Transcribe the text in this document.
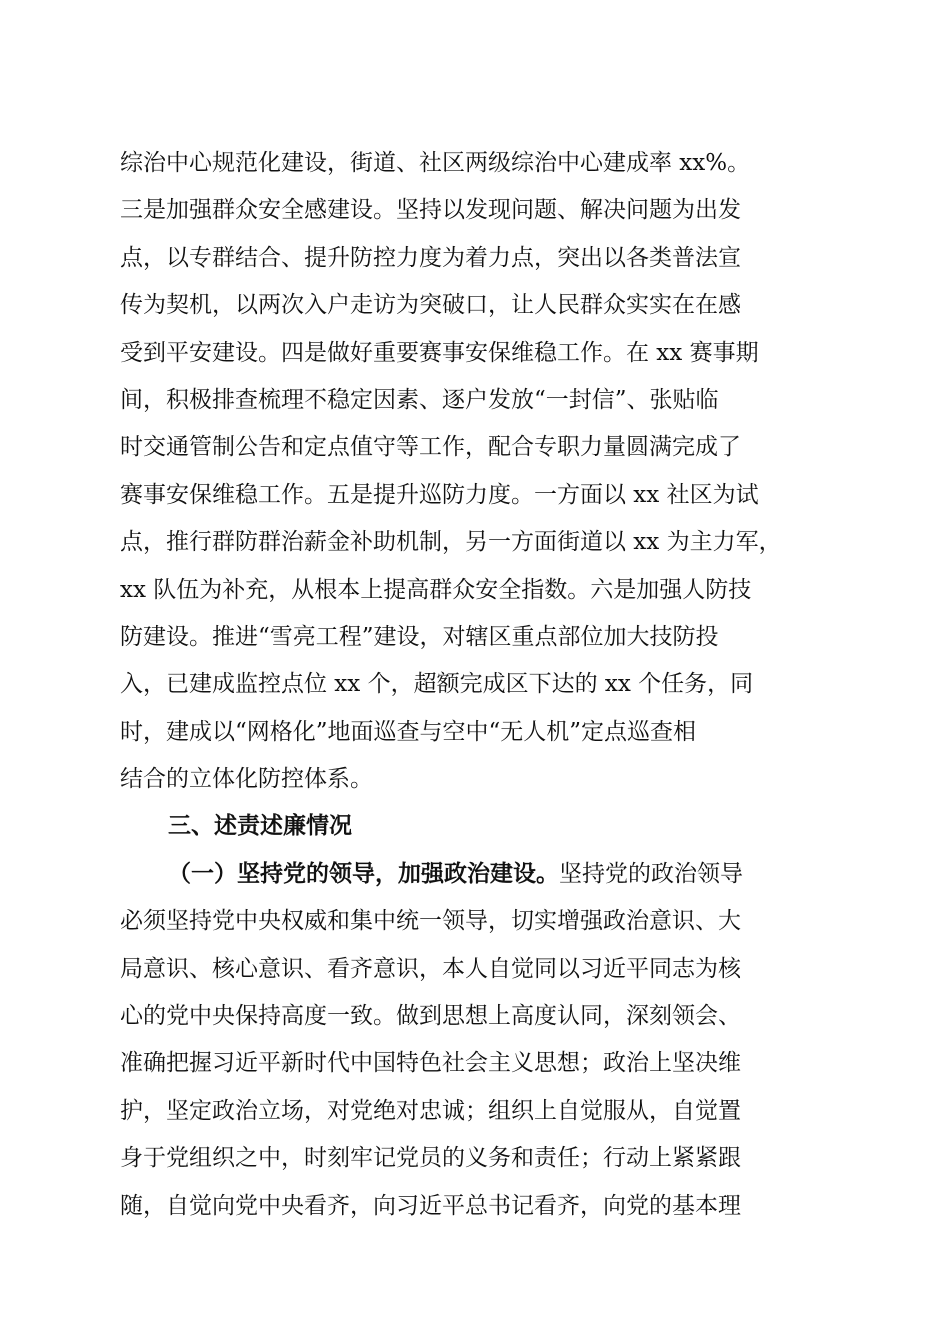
综治中心规范化建设，街道、社区两级综治中心建成率 xx%。
三是加强群众安全感建设。坚持以发现问题、解决问题为出发
点，以专群结合、提升防控力度为着力点，突出以各类普法宣
传为契机，以两次入户走访为突破口，让人民群众实实在在感
受到平安建设。四是做好重要赛事安保维稳工作。在 xx 赛事期
间，积极排查梳理不稳定因素、逐户发放“一封信”、张贴临
时交通管制公告和定点值守等工作，配合专职力量圆满完成了
赛事安保维稳工作。五是提升巡防力度。一方面以 xx 社区为试
点，推行群防群治薪金补助机制，另一方面街道以 xx 为主力军，
xx 队伍为补充，从根本上提高群众安全指数。六是加强人防技
防建设。推进“雪亮工程”建设，对辖区重点部位加大技防投
入，已建成监控点位 xx 个，超额完成区下达的 xx 个任务，同
时，建成以“网格化”地面巡查与空中“无人机”定点巡查相
结合的立体化防控体系。
三、述责述廉情况
（一）坚持党的领导，加强政治建设。坚持党的政治领导
必须坚持党中央权威和集中统一领导，切实增强政治意识、大
局意识、核心意识、看齐意识，本人自觉同以习近平同志为核
心的党中央保持高度一致。做到思想上高度认同，深刻领会、
准确把握习近平新时代中国特色社会主义思想；政治上坚决维
护，坚定政治立场，对党绝对忠诚；组织上自觉服从，自觉置
身于党组织之中，时刻牢记党员的义务和责任；行动上紧紧跟
随，自觉向党中央看齐，向习近平总书记看齐，向党的基本理
